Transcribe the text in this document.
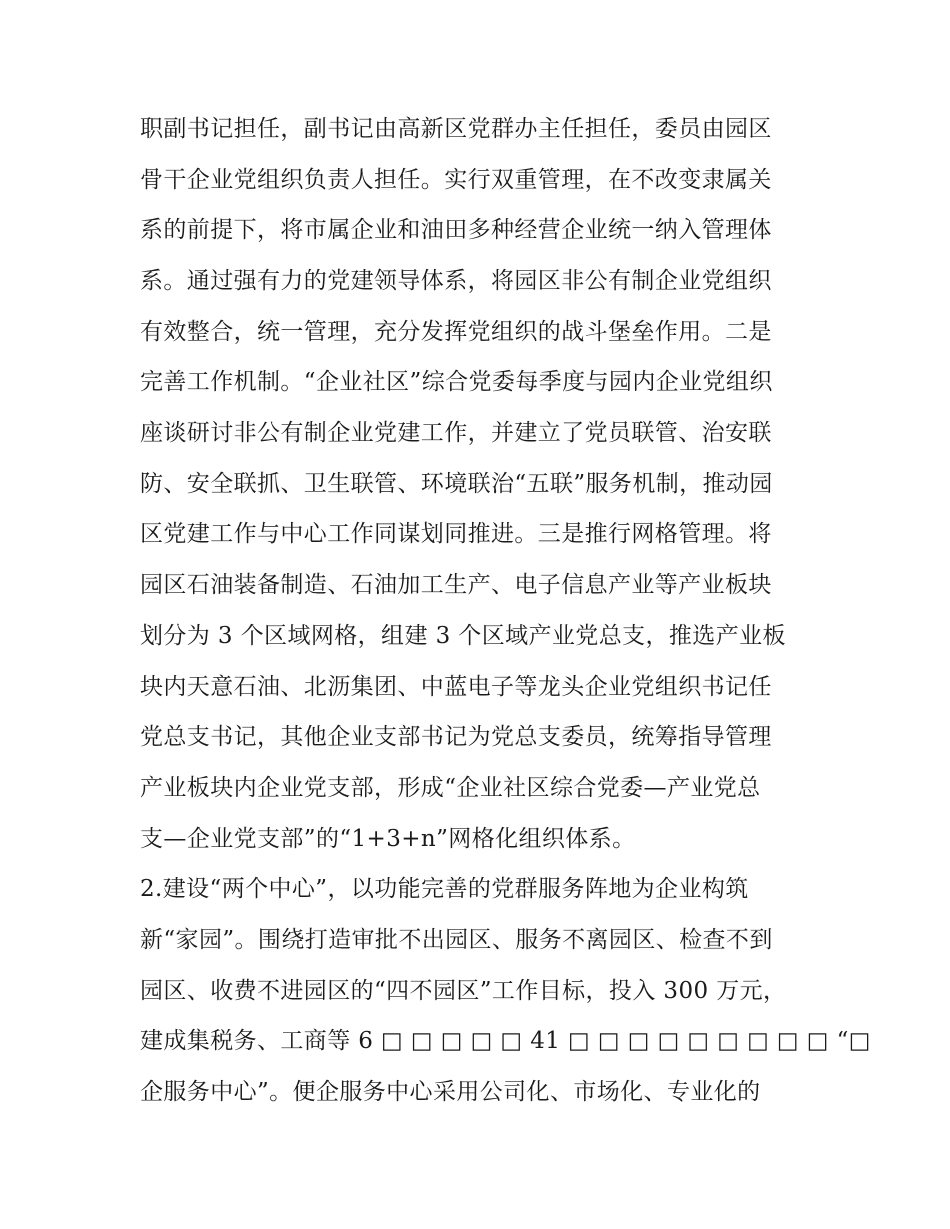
职副书记担任，副书记由高新区党群办主任担任，委员由园区

骨干企业党组织负责人担任。实行双重管理，在不改变隶属关

系的前提下，将市属企业和油田多种经营企业统一纳入管理体

系。通过强有力的党建领导体系，将园区非公有制企业党组织

有效整合，统一管理，充分发挥党组织的战斗堡垒作用。二是

完善工作机制。“企业社区”综合党委每季度与园内企业党组织

座谈研讨非公有制企业党建工作，并建立了党员联管、治安联

防、安全联抓、卫生联管、环境联治“五联”服务机制，推动园

区党建工作与中心工作同谋划同推进。三是推行网格管理。将

园区石油装备制造、石油加工生产、电子信息产业等产业板块

划分为 3 个区域网格，组建 3 个区域产业党总支，推选产业板

块内天意石油、北沥集团、中蓝电子等龙头企业党组织书记任

党总支书记，其他企业支部书记为党总支委员，统筹指导管理

产业板块内企业党支部，形成“企业社区综合党委—产业党总

支—企业党支部”的“1+3+n”网格化组织体系。

2.建设“两个中心”，以功能完善的党群服务阵地为企业构筑

新“家园”。围绕打造审批不出园区、服务不离园区、检查不到

园区、收费不进园区的“四不园区”工作目标，投入 300 万元，

建成集税务、工商等 6 □ □ □ □ □ 41 □ □ □ □ □ □ □ □ □ “□

企服务中心”。便企服务中心采用公司化、市场化、专业化的
